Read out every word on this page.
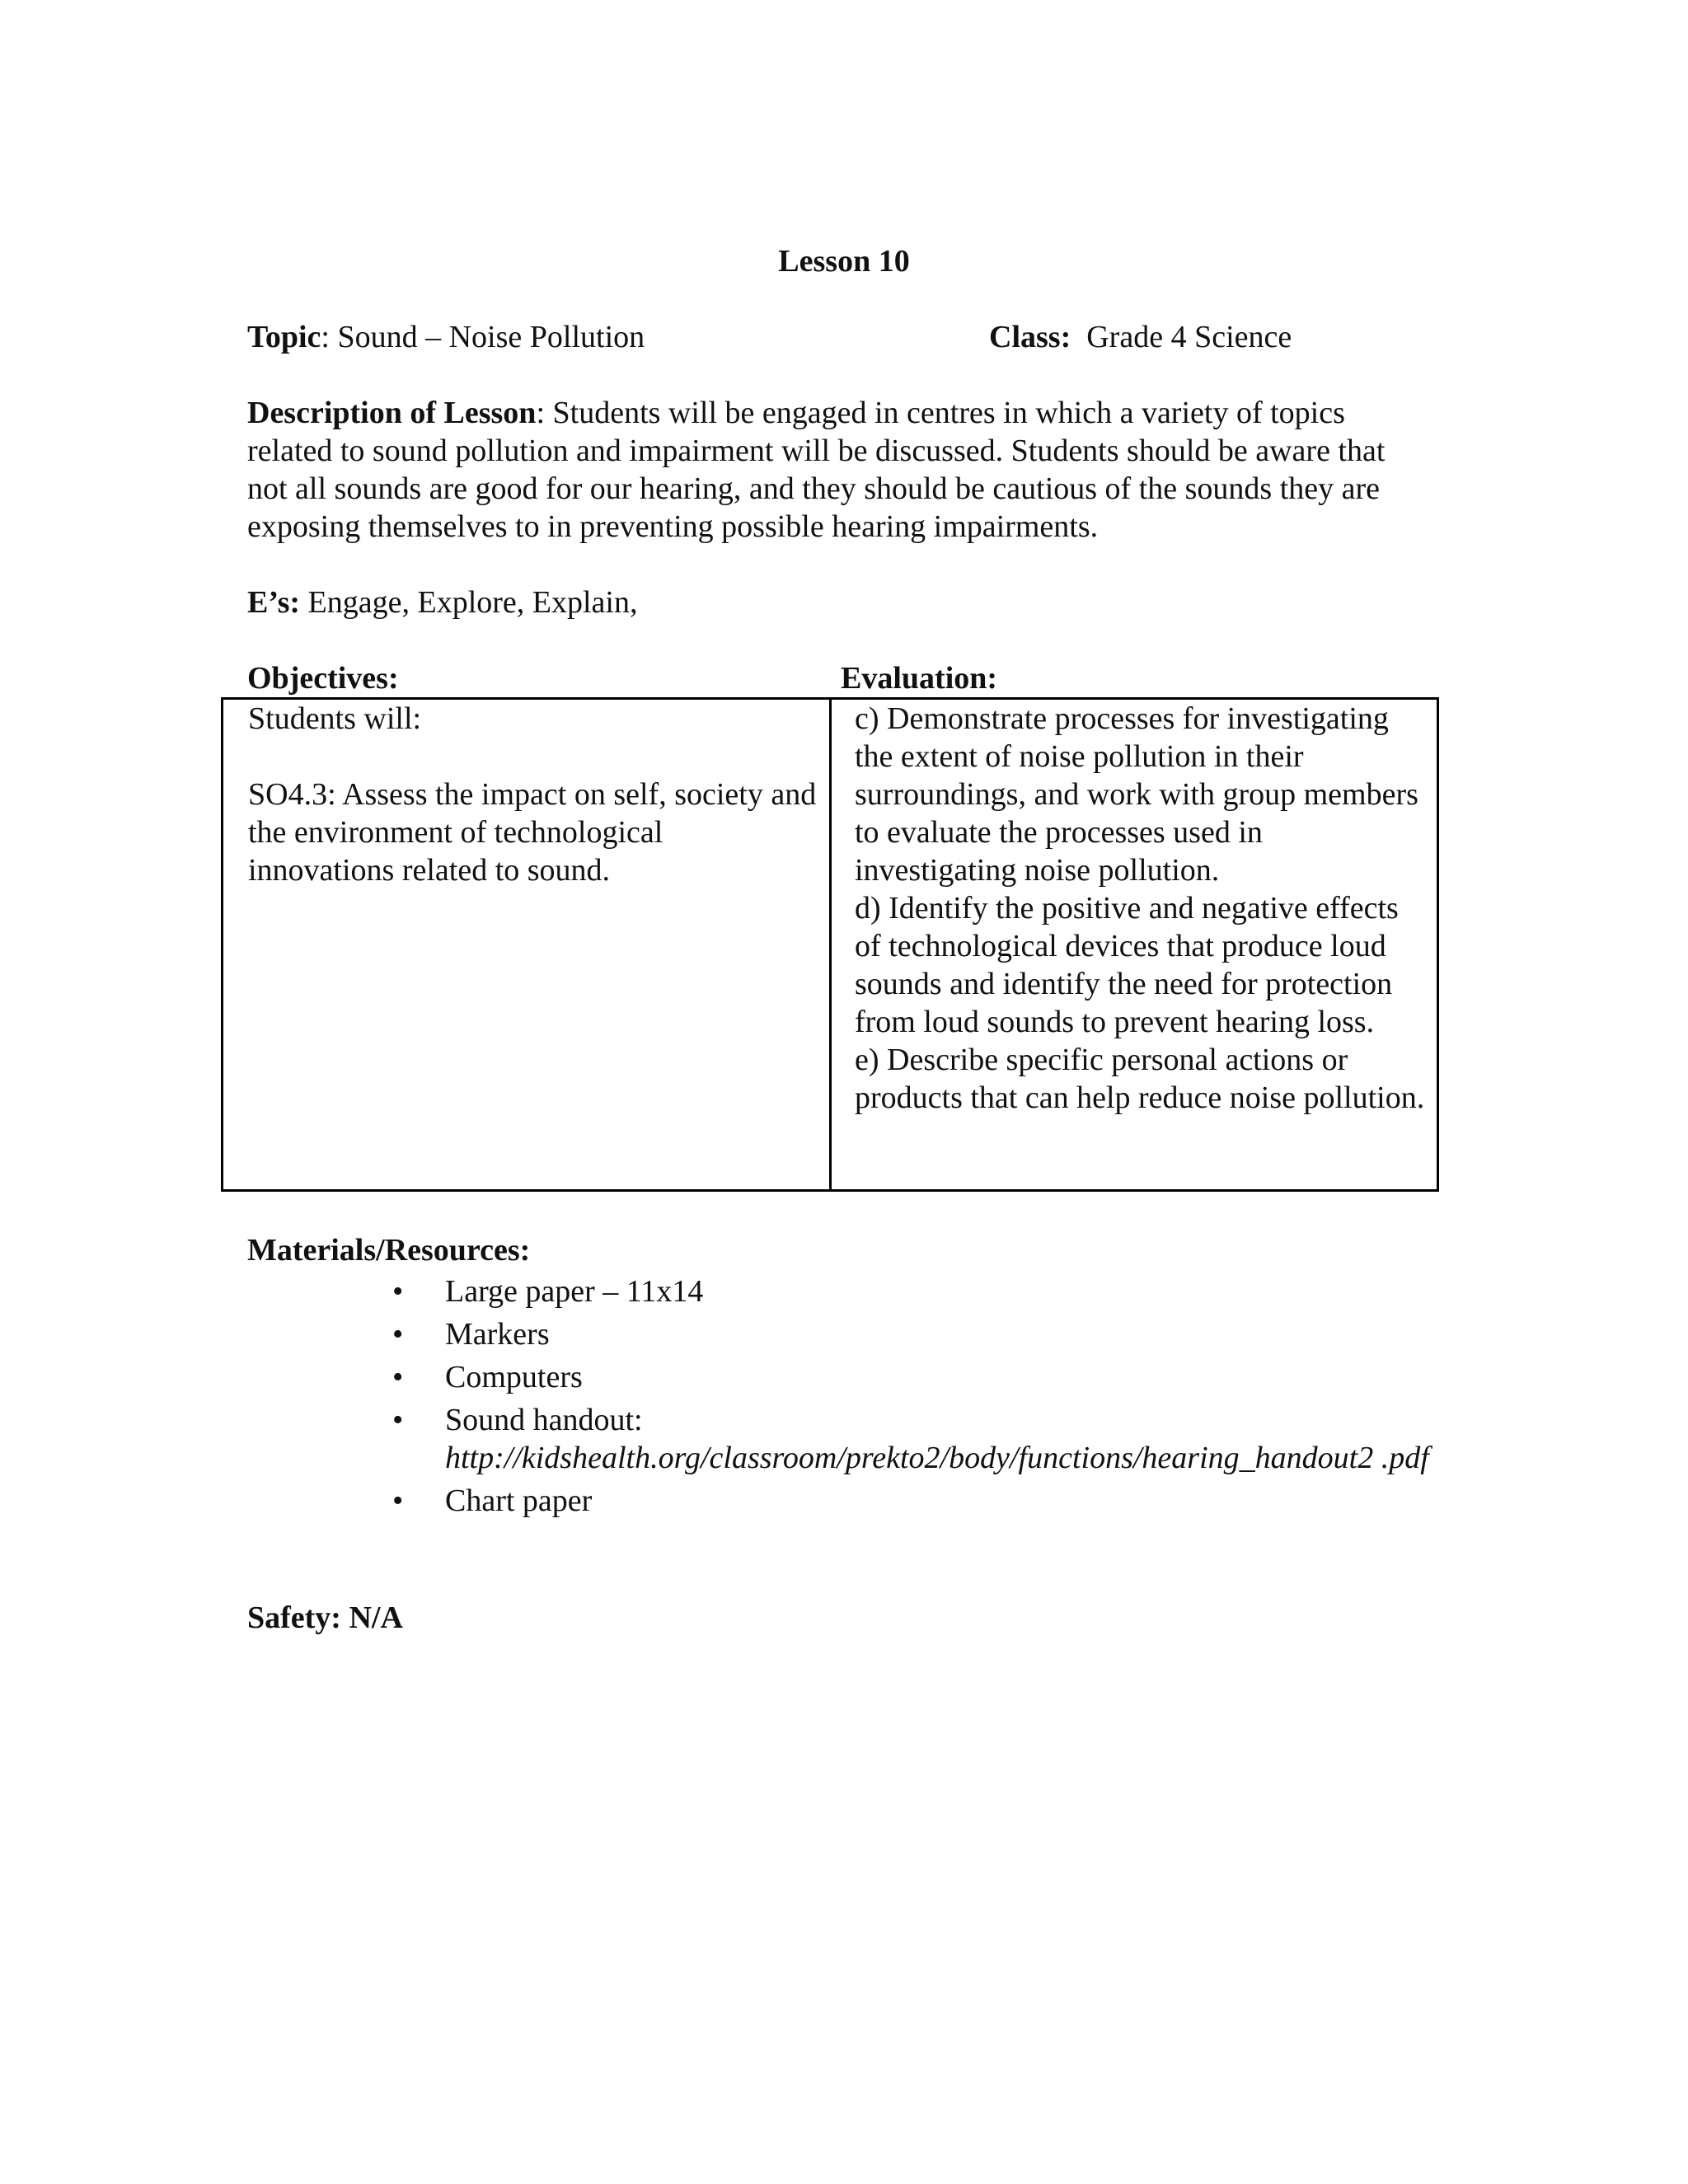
Lesson 10
Topic: Sound – Noise Pollution	Class: Grade 4 Science
Description of Lesson: Students will be engaged in centres in which a variety of topics related to sound pollution and impairment will be discussed. Students should be aware that not all sounds are good for our hearing, and they should be cautious of the sounds they are exposing themselves to in preventing possible hearing impairments.
E’s: Engage, Explore, Explain,
Objectives:	Evaluation:
Students will:
SO4.3: Assess the impact on self, society and the environment of technological innovations related to sound.
c) Demonstrate processes for investigating the extent of noise pollution in their surroundings, and work with group members to evaluate the processes used in investigating noise pollution.
d) Identify the positive and negative effects of technological devices that produce loud sounds and identify the need for protection from loud sounds to prevent hearing loss.
e) Describe specific personal actions or products that can help reduce noise pollution.
Materials/Resources:
• Large paper – 11x14
• Markers
• Computers
• Sound handout:
http://kidshealth.org/classroom/prekto2/body/functions/hearing_handout2 .pdf
• Chart paper
Safety: N/A
